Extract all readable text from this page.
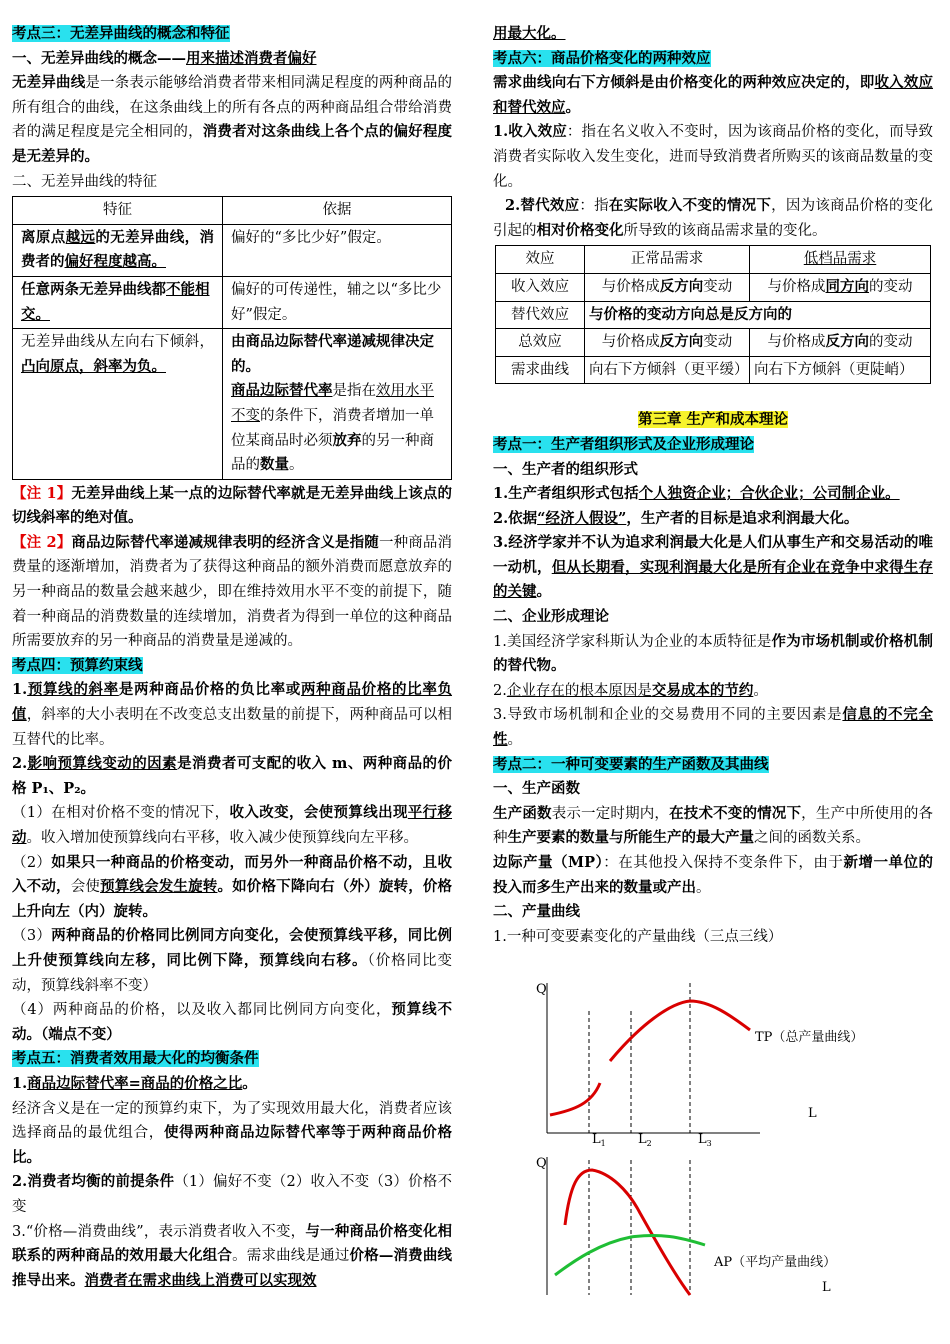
考点三：无差异曲线的概念和特征

一、无差异曲线的概念——用来描述消费者偏好

无差异曲线是一条表示能够给消费者带来相同满足程度的两种商品的所有组合的曲线，在这条曲线上的所有各点的两种商品组合带给消费者的满足程度是完全相同的，消费者对这条曲线上各个点的偏好程度是无差异的。

二、无差异曲线的特征

特征	依据
离原点越远的无差异曲线，消费者的偏好程度越高。	偏好的“多比少好”假定。
任意两条无差异曲线都不能相交。	偏好的可传递性，辅之以“多比少好”假定。
无差异曲线从左向右下倾斜，凸向原点，斜率为负。	由商品边际替代率递减规律决定的。
商品边际替代率是指在效用水平不变的条件下，消费者增加一单位某商品时必须放弃的另一种商品的数量。

【注 1】无差异曲线上某一点的边际替代率就是无差异曲线上该点的切线斜率的绝对值。

【注 2】商品边际替代率递减规律表明的经济含义是指随一种商品消费量的逐渐增加，消费者为了获得这种商品的额外消费而愿意放弃的另一种商品的数量会越来越少，即在维持效用水平不变的前提下，随着一种商品的消费数量的连续增加，消费者为得到一单位的这种商品所需要放弃的另一种商品的消费量是递减的。

考点四：预算约束线

1.预算线的斜率是两种商品价格的负比率或两种商品价格的比率负值，斜率的大小表明在不改变总支出数量的前提下，两种商品可以相互替代的比率。

2.影响预算线变动的因素是消费者可支配的收入 m、两种商品的价格 P₁、P₂。

（1）在相对价格不变的情况下，收入改变，会使预算线出现平行移动。收入增加使预算线向右平移，收入减少使预算线向左平移。

（2）如果只一种商品的价格变动，而另外一种商品价格不动，且收入不动，会使预算线会发生旋转。如价格下降向右（外）旋转，价格上升向左（内）旋转。

（3）两种商品的价格同比例同方向变化，会使预算线平移，同比例上升使预算线向左移，同比例下降，预算线向右移。（价格同比变动，预算线斜率不变）

（4）两种商品的价格，以及收入都同比例同方向变化，预算线不动。（端点不变）

考点五：消费者效用最大化的均衡条件

1.商品边际替代率=商品的价格之比。

经济含义是在一定的预算约束下，为了实现效用最大化，消费者应该选择商品的最优组合，使得两种商品边际替代率等于两种商品价格比。

2.消费者均衡的前提条件（1）偏好不变（2）收入不变（3）价格不变

3.“价格—消费曲线”，表示消费者收入不变，与一种商品价格变化相联系的两种商品的效用最大化组合。需求曲线是通过价格—消费曲线推导出来。消费者在需求曲线上消费可以实现效

用最大化。

考点六：商品价格变化的两种效应

需求曲线向右下方倾斜是由价格变化的两种效应决定的，即收入效应和替代效应。

1.收入效应：指在名义收入不变时，因为该商品价格的变化，而导致消费者实际收入发生变化，进而导致消费者所购买的该商品数量的变化。

2.替代效应：指在实际收入不变的情况下，因为该商品价格的变化引起的相对价格变化所导致的该商品需求量的变化。

效应	正常品需求	低档品需求
收入效应	与价格成反方向变动	与价格成同方向的变动
替代效应	与价格的变动方向总是反方向的	
总效应	与价格成反方向变动	与价格成反方向的变动
需求曲线	向右下方倾斜（更平缓）	向右下方倾斜（更陡峭）

第三章 生产和成本理论

考点一：生产者组织形式及企业形成理论

一、生产者的组织形式

1.生产者组织形式包括个人独资企业；合伙企业；公司制企业。

2.依据“经济人假设”，生产者的目标是追求利润最大化。

3.经济学家并不认为追求利润最大化是人们从事生产和交易活动的唯一动机，但从长期看，实现利润最大化是所有企业在竞争中求得生存的关键。

二、企业形成理论

1.美国经济学家科斯认为企业的本质特征是作为市场机制或价格机制的替代物。

2.企业存在的根本原因是交易成本的节约。

3.导致市场机制和企业的交易费用不同的主要因素是信息的不完全性。

考点二：一种可变要素的生产函数及其曲线

一、生产函数

生产函数表示一定时期内，在技术不变的情况下，生产中所使用的各种生产要素的数量与所能生产的最大产量之间的函数关系。

边际产量（MP）：在其他投入保持不变条件下，由于新增一单位的投入而多生产出来的数量或产出。

二、产量曲线

1.一种可变要素变化的产量曲线（三点三线）

Q
TP（总产量曲线）
L
$L_1$ $L_2$	$L_3$
Q
AP（平均产量曲线）
L
